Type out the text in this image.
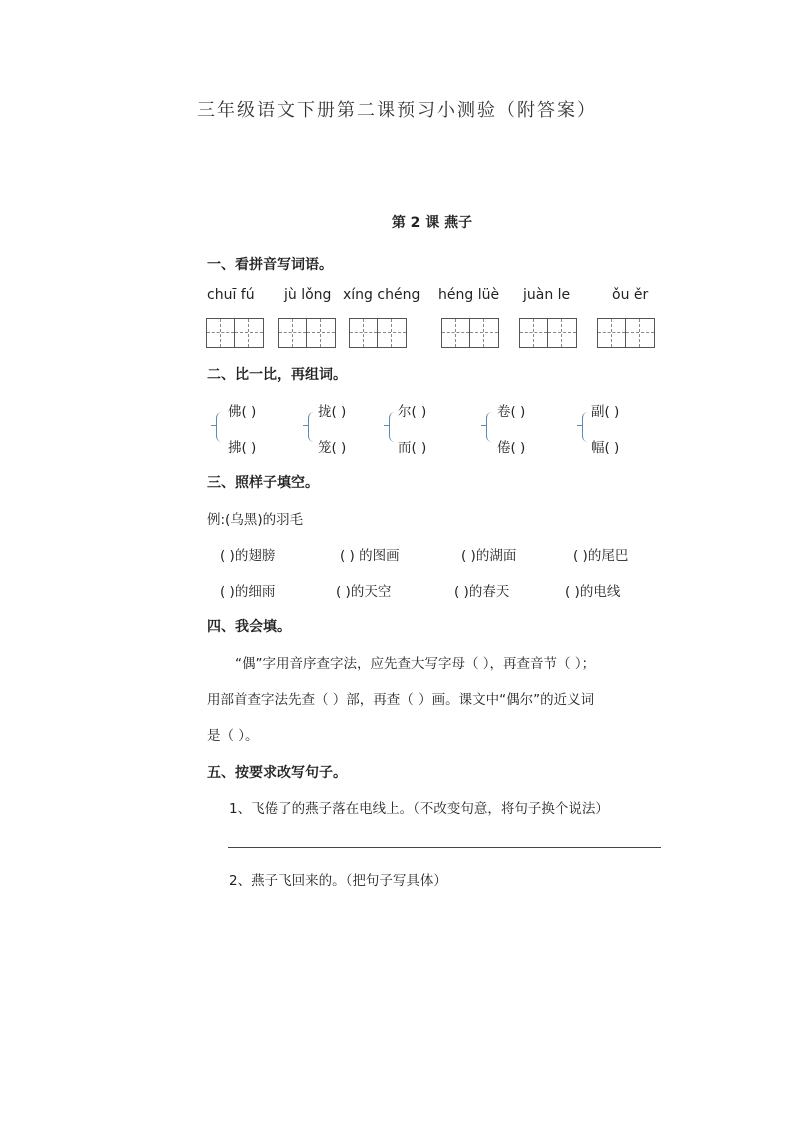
三年级语文下册第二课预习小测验（附答案）
第 2 课 燕子
一、看拼音写词语。
chuī fú jù lǒng xíng chéng héng lüè juàn le	ǒu ěr
二、比一比，再组词。
佛( )
拂( )
拢( )
笼( )
尔( )
而( )
卷( )
倦( )
副( )
幅( )
三、照样子填空。
例:(乌黑)的羽毛
( )的翅膀	( ) 的图画	( )的湖面	( )的尾巴
( )的细雨	( )的天空	( )的春天	( )的电线
四、我会填。
“偶”字用音序查字法，应先查大写字母（ ），再查音节（ ）；
用部首查字法先查（ ）部，再查（ ）画。课文中“偶尔”的近义词
是（ ）。
五、按要求改写句子。
1、飞倦了的燕子落在电线上。（不改变句意，将句子换个说法）
2、燕子飞回来的。（把句子写具体）
